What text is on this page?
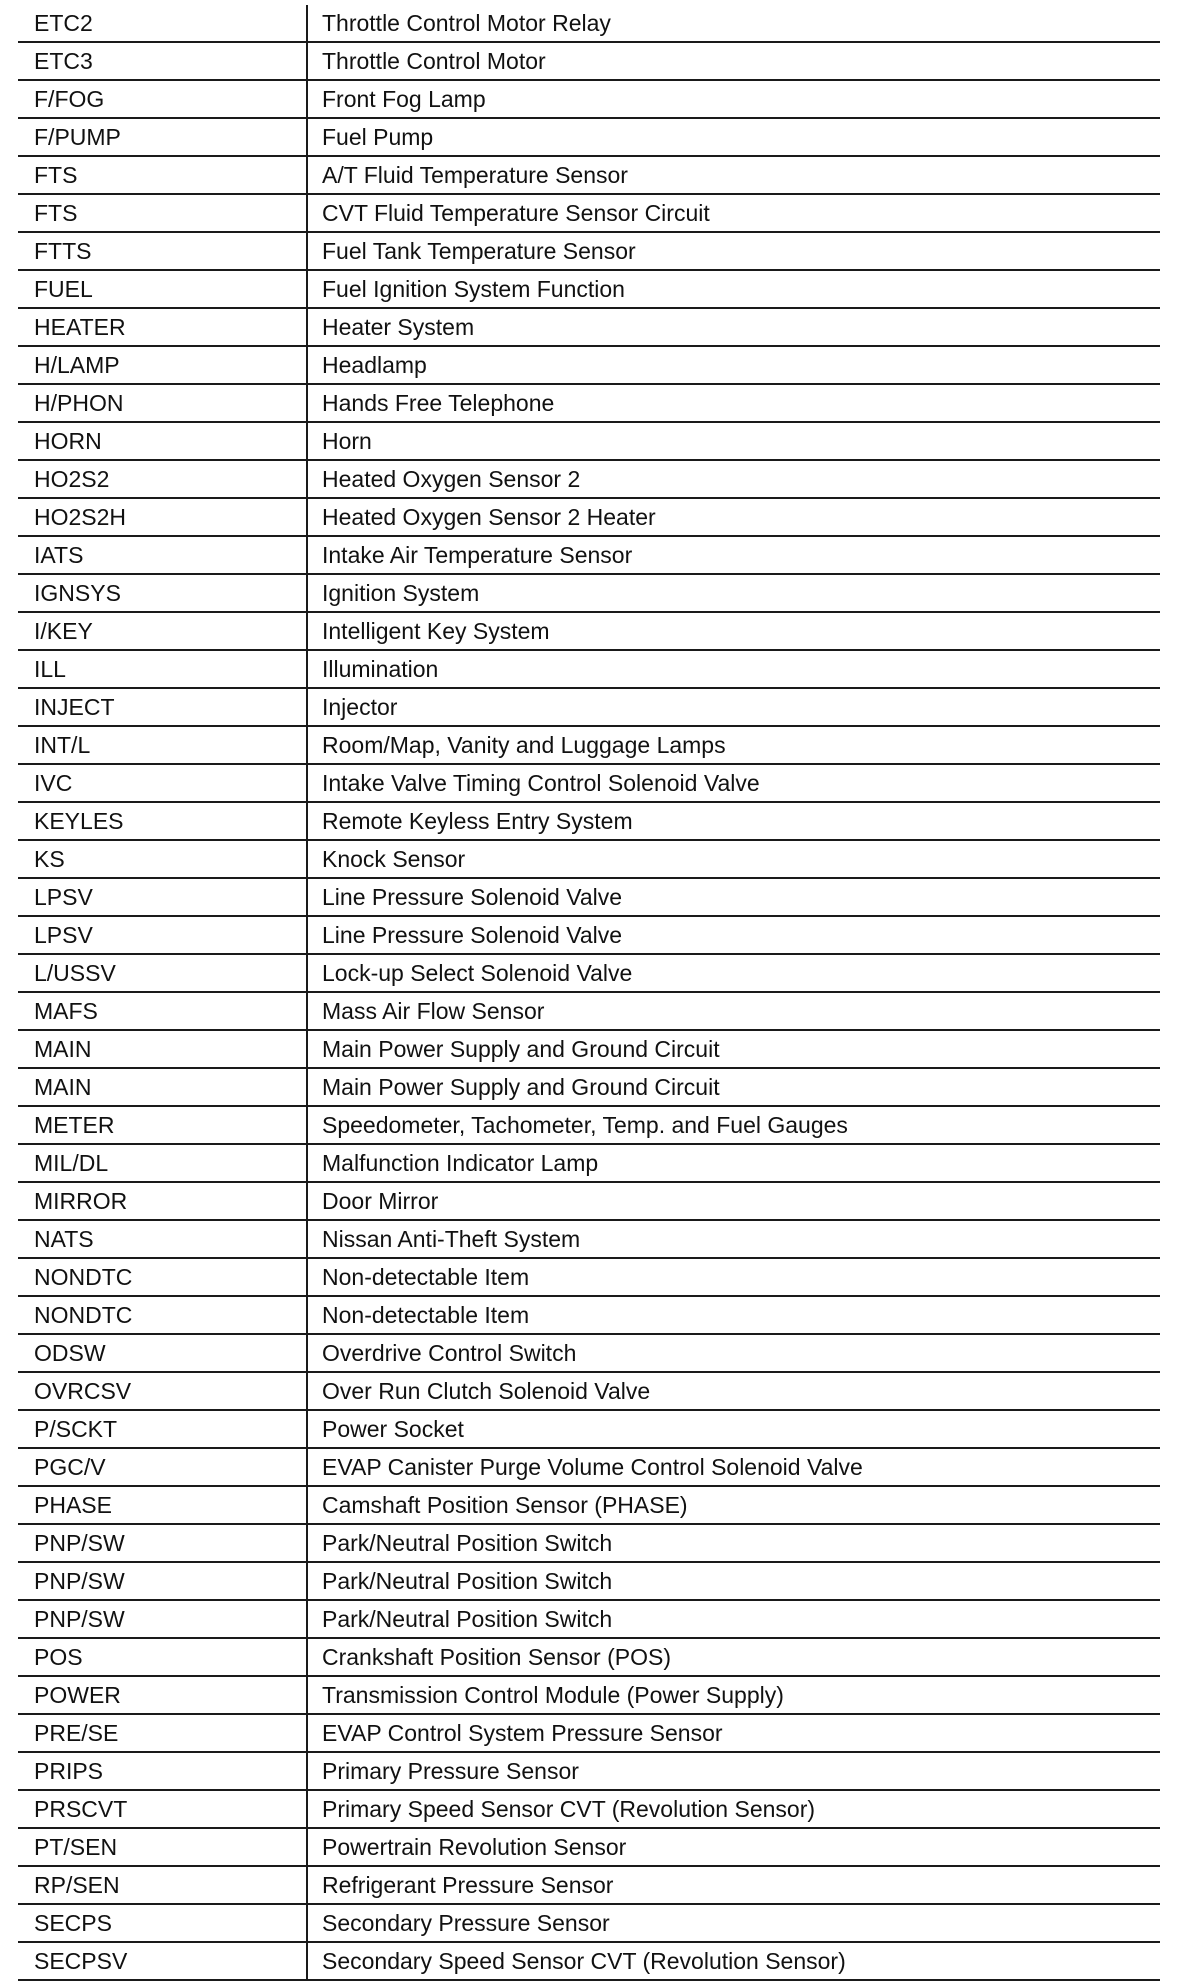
ETC2	Throttle Control Motor Relay
ETC3	Throttle Control Motor
F/FOG	Front Fog Lamp
F/PUMP	Fuel Pump
FTS	A/T Fluid Temperature Sensor
FTS	CVT Fluid Temperature Sensor Circuit
FTTS	Fuel Tank Temperature Sensor
FUEL	Fuel Ignition System Function
HEATER	Heater System
H/LAMP	Headlamp
H/PHON	Hands Free Telephone
HORN	Horn
HO2S2	Heated Oxygen Sensor 2
HO2S2H	Heated Oxygen Sensor 2 Heater
IATS	Intake Air Temperature Sensor
IGNSYS	Ignition System
I/KEY	Intelligent Key System
ILL	Illumination
INJECT	Injector
INT/L	Room/Map, Vanity and Luggage Lamps
IVC	Intake Valve Timing Control Solenoid Valve
KEYLES	Remote Keyless Entry System
KS	Knock Sensor
LPSV	Line Pressure Solenoid Valve
LPSV	Line Pressure Solenoid Valve
L/USSV	Lock-up Select Solenoid Valve
MAFS	Mass Air Flow Sensor
MAIN	Main Power Supply and Ground Circuit
MAIN	Main Power Supply and Ground Circuit
METER	Speedometer, Tachometer, Temp. and Fuel Gauges
MIL/DL	Malfunction Indicator Lamp
MIRROR	Door Mirror
NATS	Nissan Anti-Theft System
NONDTC	Non-detectable Item
NONDTC	Non-detectable Item
ODSW	Overdrive Control Switch
OVRCSV	Over Run Clutch Solenoid Valve
P/SCKT	Power Socket
PGC/V	EVAP Canister Purge Volume Control Solenoid Valve
PHASE	Camshaft Position Sensor (PHASE)
PNP/SW	Park/Neutral Position Switch
PNP/SW	Park/Neutral Position Switch
PNP/SW	Park/Neutral Position Switch
POS	Crankshaft Position Sensor (POS)
POWER	Transmission Control Module (Power Supply)
PRE/SE	EVAP Control System Pressure Sensor
PRIPS	Primary Pressure Sensor
PRSCVT	Primary Speed Sensor CVT (Revolution Sensor)
PT/SEN	Powertrain Revolution Sensor
RP/SEN	Refrigerant Pressure Sensor
SECPS	Secondary Pressure Sensor
SECPSV	Secondary Speed Sensor CVT (Revolution Sensor)
